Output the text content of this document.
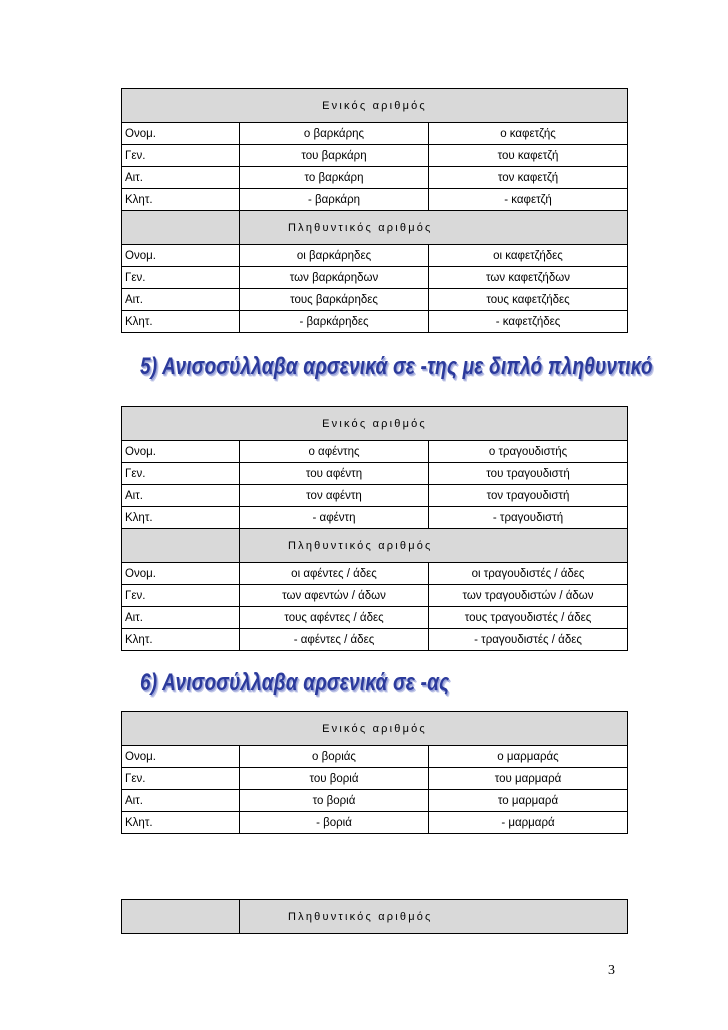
Ενικός αριθμός		
Ονομ.	ο βαρκάρης	ο καφετζής
Γεν.	του βαρκάρη	του καφετζή
Αιτ.	το βαρκάρη	τον καφετζή
Κλητ.	- βαρκάρη	- καφετζή
	Πληθυντικός αριθμός	
Ονομ.	οι βαρκάρηδες	οι καφετζήδες
Γεν.	των βαρκάρηδων	των καφετζήδων
Αιτ.	τους βαρκάρηδες	τους καφετζήδες
Κλητ.	- βαρκάρηδες	- καφετζήδες
5) Ανισοσύλλαβα αρσενικά σε -της με διπλό πληθυντικό
Ενικός αριθμός		
Ονομ.	ο αφέντης	ο τραγουδιστής
Γεν.	του αφέντη	του τραγουδιστή
Αιτ.	τον αφέντη	τον τραγουδιστή
Κλητ.	- αφέντη	- τραγουδιστή
	Πληθυντικός αριθμός	
Ονομ.	οι αφέντες / άδες	οι τραγουδιστές / άδες
Γεν.	των αφεντών / άδων	των τραγουδιστών / άδων
Αιτ.	τους αφέντες / άδες	τους τραγουδιστές / άδες
Κλητ.	- αφέντες / άδες	- τραγουδιστές / άδες
6) Ανισοσύλλαβα αρσενικά σε -ας
Ενικός αριθμός		
Ονομ.	ο βοριάς	ο μαρμαράς
Γεν.	του βοριά	του μαρμαρά
Αιτ.	το βοριά	το μαρμαρά
Κλητ.	- βοριά	- μαρμαρά
	Πληθυντικός αριθμός
3
